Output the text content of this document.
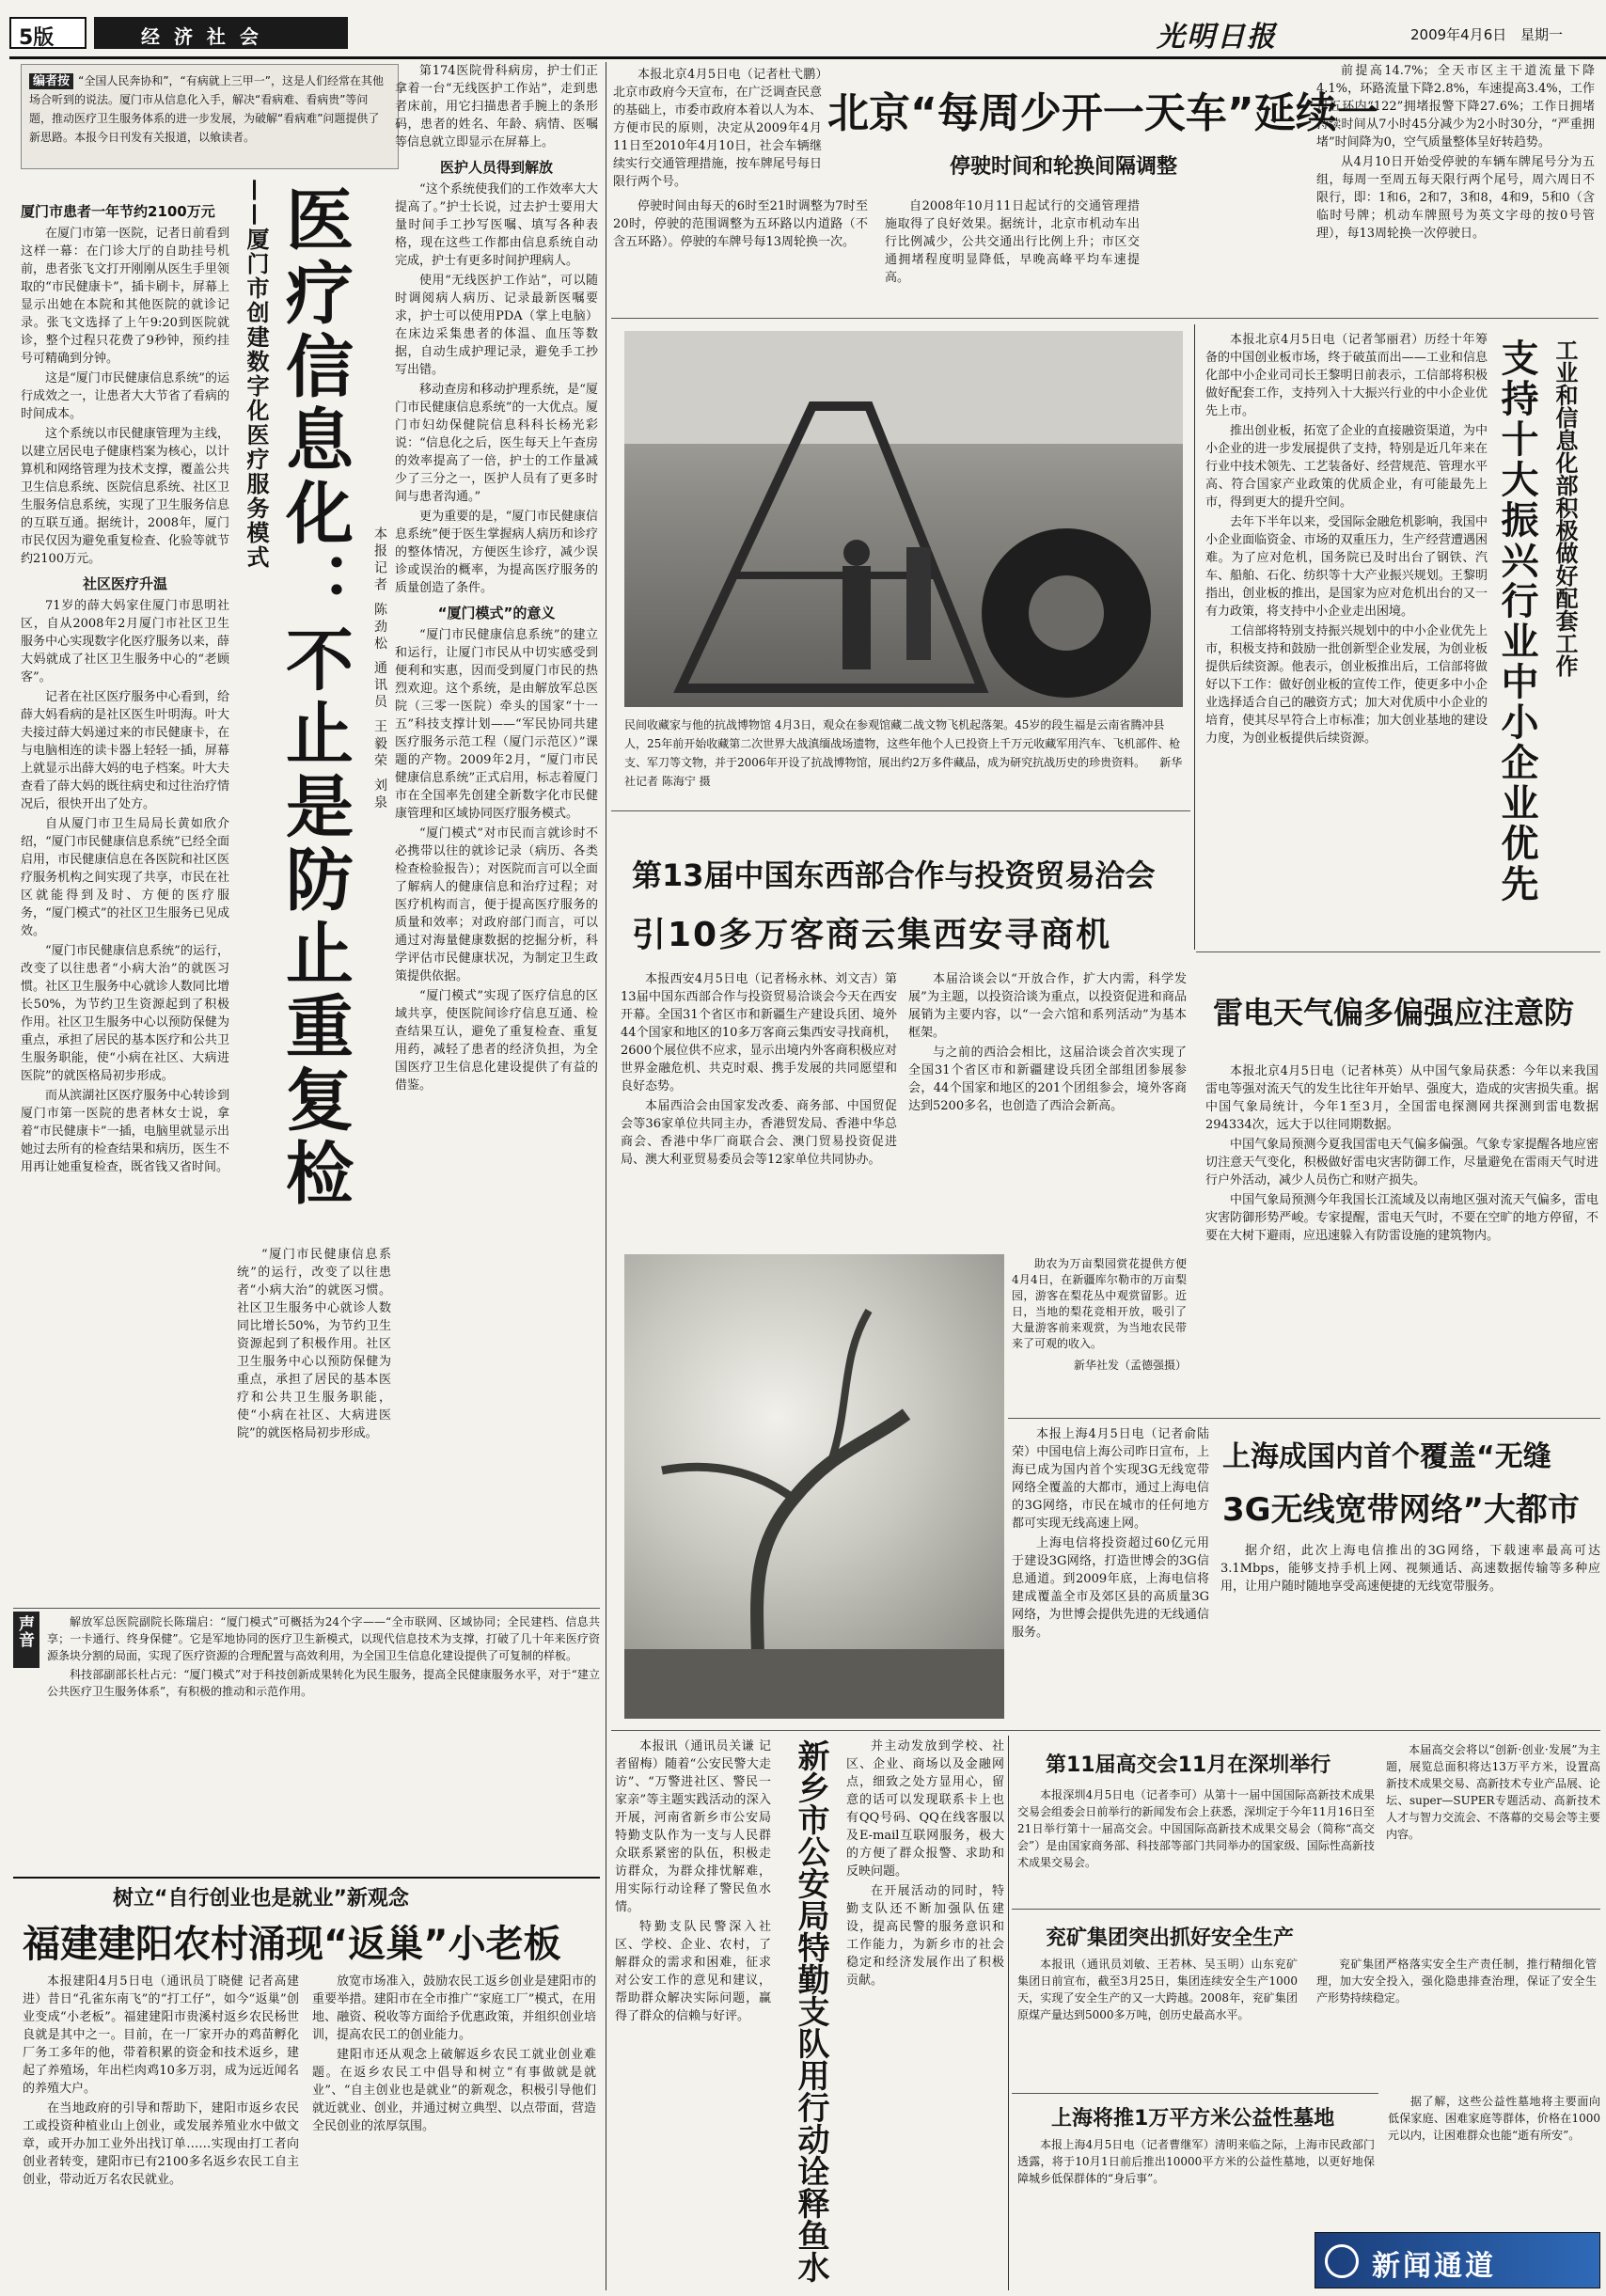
5版	经 济 社 会	光明日报	2009年4月6日 星期一
编者按 “全国人民奔协和”，“有病就上三甲一”，这是人们经常在其他场合听到的说法。厦门市从信息化入手，解决“看病难、看病贵”等问题，推动医疗卫生服务体系的进一步发展，为破解“看病难”问题提供了新思路。本报今日刊发有关报道，以飨读者。
厦门市患者一年节约2100万元

在厦门市第一医院，记者日前看到这样一幕：在门诊大厅的自助挂号机前，患者张飞文打开刚刚从医生手里领取的“市民健康卡”，插卡刷卡，屏幕上显示出她在本院和其他医院的就诊记录。张飞文选择了上午9:20到医院就诊，整个过程只花费了9秒钟，预约挂号可精确到分钟。

这是“厦门市民健康信息系统”的运行成效之一，让患者大大节省了看病的时间成本。

这个系统以市民健康管理为主线，以建立居民电子健康档案为核心，以计算机和网络管理为技术支撑，覆盖公共卫生信息系统、医院信息系统、社区卫生服务信息系统，实现了卫生服务信息的互联互通。据统计，2008年，厦门市民仅因为避免重复检查、化验等就节约2100万元。

社区医疗升温

71岁的薛大妈家住厦门市思明社区，自从2008年2月厦门市社区卫生服务中心实现数字化医疗服务以来，薛大妈就成了社区卫生服务中心的“老顾客”。

记者在社区医疗服务中心看到，给薛大妈看病的是社区医生叶明海。叶大夫接过薛大妈递过来的市民健康卡，在与电脑相连的读卡器上轻轻一插，屏幕上就显示出薛大妈的电子档案。叶大夫查看了薛大妈的既往病史和过往治疗情况后，很快开出了处方。

自从厦门市卫生局局长黄如欣介绍，“厦门市民健康信息系统”已经全面启用，市民健康信息在各医院和社区医疗服务机构之间实现了共享，市民在社区就能得到及时、方便的医疗服务，“厦门模式”的社区卫生服务已见成效。

“厦门市民健康信息系统”的运行，改变了以往患者“小病大治”的就医习惯。社区卫生服务中心就诊人数同比增长50%，为节约卫生资源起到了积极作用。社区卫生服务中心以预防保健为重点，承担了居民的基本医疗和公共卫生服务职能，使“小病在社区、大病进医院”的就医格局初步形成。

而从滨湖社区医疗服务中心转诊到厦门市第一医院的患者林女士说，拿着“市民健康卡”一插，电脑里就显示出她过去所有的检查结果和病历，医生不用再让她重复检查，既省钱又省时间。

——厦门市创建数字化医疗服务模式 医疗信息化：不止是防止重复检
本报记者 陈劲松 通讯员 王毅荣 刘泉

第174医院骨科病房，护士们正拿着一台“无线医护工作站”，走到患者床前，用它扫描患者手腕上的条形码，患者的姓名、年龄、病情、医嘱等信息就立即显示在屏幕上。

医护人员得到解放

“这个系统使我们的工作效率大大提高了。”护士长说，过去护士要用大量时间手工抄写医嘱、填写各种表格，现在这些工作都由信息系统自动完成，护士有更多时间护理病人。

使用“无线医护工作站”，可以随时调阅病人病历、记录最新医嘱要求，护士可以使用PDA（掌上电脑）在床边采集患者的体温、血压等数据，自动生成护理记录，避免手工抄写出错。

移动查房和移动护理系统，是“厦门市民健康信息系统”的一大优点。厦门市妇幼保健院信息科科长杨光彩说：“信息化之后，医生每天上午查房的效率提高了一倍，护士的工作量减少了三分之一，医护人员有了更多时间与患者沟通。”

更为重要的是，“厦门市民健康信息系统”便于医生掌握病人病历和诊疗的整体情况，方便医生诊疗，减少误诊或误治的概率，为提高医疗服务的质量创造了条件。

“厦门模式”的意义

“厦门市民健康信息系统”的建立和运行，让厦门市民从中切实感受到便利和实惠，因而受到厦门市民的热烈欢迎。这个系统，是由解放军总医院（三零一医院）牵头的国家“十一五”科技支撑计划——“军民协同共建医疗服务示范工程（厦门示范区）”课题的产物。2009年2月，“厦门市民健康信息系统”正式启用，标志着厦门市在全国率先创建全新数字化市民健康管理和区域协同医疗服务模式。

“厦门模式”对市民而言就诊时不必携带以往的就诊记录（病历、各类检查检验报告）；对医院而言可以全面了解病人的健康信息和治疗过程；对医疗机构而言，便于提高医疗服务的质量和效率；对政府部门而言，可以通过对海量健康数据的挖掘分析，科学评估市民健康状况，为制定卫生政策提供依据。

“厦门模式”实现了医疗信息的区域共享，使医院间诊疗信息互通、检查结果互认，避免了重复检查、重复用药，减轻了患者的经济负担，为全国医疗卫生信息化建设提供了有益的借鉴。

“厦门市民健康信息系统”的运行，改变了以往患者“小病大治”的就医习惯。社区卫生服务中心就诊人数同比增长50%，为节约卫生资源起到了积极作用。社区卫生服务中心以预防保健为重点，承担了居民的基本医疗和公共卫生服务职能，使“小病在社区、大病进医院”的就医格局初步形成。

声音	解放军总医院副院长陈瑞启：“厦门模式”可概括为24个字——“全市联网、区域协同；全民建档、信息共享；一卡通行、终身保健”。它是军地协同的医疗卫生新模式，以现代信息技术为支撑，打破了几十年来医疗资源条块分割的局面，实现了医疗资源的合理配置与高效利用，为全国卫生信息化建设提供了可复制的样板。

科技部副部长杜占元：“厦门模式”对于科技创新成果转化为民生服务，提高全民健康服务水平，对于“建立公共医疗卫生服务体系”，有积极的推动和示范作用。

树立“自行创业也是就业”新观念
福建建阳农村涌现“返巢”小老板

本报建阳4月5日电（通讯员丁晓健 记者高建进）昔日“孔雀东南飞”的“打工仔”，如今“返巢”创业变成“小老板”。福建建阳市贵溪村返乡农民杨世良就是其中之一。目前，在一厂家开办的鸡苗孵化厂务工多年的他，带着积累的资金和技术返乡，建起了养殖场，年出栏肉鸡10多万羽，成为远近闻名的养殖大户。

在当地政府的引导和帮助下，建阳市返乡农民工或投资种植业山上创业，或发展养殖业水中做文章，或开办加工业外出找订单……实现由打工者向创业者转变，建阳市已有2100多名返乡农民工自主创业，带动近万名农民就业。

放宽市场准入，鼓励农民工返乡创业是建阳市的重要举措。建阳市在全市推广“家庭工厂”模式，在用地、融资、税收等方面给予优惠政策，并组织创业培训，提高农民工的创业能力。

建阳市还从观念上破解返乡农民工就业创业难题。在返乡农民工中倡导和树立“有事做就是就业”、“自主创业也是就业”的新观念，积极引导他们就近就业、创业，并通过树立典型、以点带面，营造全民创业的浓厚氛围。

本报北京4月5日电（记者杜弋鹏）北京市政府今天宣布，在广泛调查民意的基础上，市委市政府本着以人为本、方便市民的原则，决定从2009年4月11日至2010年4月10日，社会车辆继续实行交通管理措施，按车牌尾号每日限行两个号。

北京“每周少开一天车”延续一
停驶时间和轮换间隔调整

停驶时间由每天的6时至21时调整为7时至20时，停驶的范围调整为五环路以内道路（不含五环路）。停驶的车牌号每13周轮换一次。

自2008年10月11日起试行的交通管理措施取得了良好效果。据统计，北京市机动车出行比例减少，公共交通出行比例上升；市区交通拥堵程度明显降低，早晚高峰平均车速提高。

前提高14.7%；全天市区主干道流量下降4.1%，环路流量下降2.8%，车速提高3.4%，工作日五环内“122”拥堵报警下降27.6%；工作日拥堵持续时间从7小时45分减少为2小时30分，“严重拥堵”时间降为0，空气质量整体呈好转趋势。

从4月10日开始受停驶的车辆车牌尾号分为五组，每周一至周五每天限行两个尾号，周六周日不限行，即：1和6，2和7，3和8，4和9，5和0（含临时号牌；机动车牌照号为英文字母的按0号管理），每13周轮换一次停驶日。

民间收藏家与他的抗战博物馆 4月3日，观众在参观馆藏二战文物飞机起落架。45岁的段生福是云南省腾冲县人，25年前开始收藏第二次世界大战滇缅战场遗物，这些年他个人已投资上千万元收藏军用汽车、飞机部件、枪支、军刀等文物，并于2006年开设了抗战博物馆，展出约2万多件藏品，成为研究抗战历史的珍贵资料。 新华社记者 陈海宁 摄

本报北京4月5日电（记者邹丽君）历经十年筹备的中国创业板市场，终于破茧而出——工业和信息化部中小企业司司长王黎明日前表示，工信部将积极做好配套工作，支持列入十大振兴行业的中小企业优先上市。

推出创业板，拓宽了企业的直接融资渠道，为中小企业的进一步发展提供了支持，特别是近几年来在行业中技术领先、工艺装备好、经营规范、管理水平高、符合国家产业政策的优质企业，有可能最先上市，得到更大的提升空间。

去年下半年以来，受国际金融危机影响，我国中小企业面临资金、市场的双重压力，生产经营遭遇困难。为了应对危机，国务院已及时出台了钢铁、汽车、船舶、石化、纺织等十大产业振兴规划。王黎明指出，创业板的推出，是国家为应对危机出台的又一有力政策，将支持中小企业走出困境。

工信部将特别支持振兴规划中的中小企业优先上市，积极支持和鼓励一批创新型企业发展，为创业板提供后续资源。他表示，创业板推出后，工信部将做好以下工作：做好创业板的宣传工作，使更多中小企业选择适合自己的融资方式；加大对优质中小企业的培育，使其尽早符合上市标准；加大创业基地的建设力度，为创业板提供后续资源。

工业和信息化部积极做好配套工作
支持十大振兴行业中小企业优先
第13届中国东西部合作与投资贸易洽会
引10多万客商云集西安寻商机

本报西安4月5日电（记者杨永林、刘文吉）第13届中国东西部合作与投资贸易洽谈会今天在西安开幕。全国31个省区市和新疆生产建设兵团、境外44个国家和地区的10多万客商云集西安寻找商机，2600个展位供不应求，显示出境内外客商积极应对世界金融危机、共克时艰、携手发展的共同愿望和良好态势。

本届西洽会由国家发改委、商务部、中国贸促会等36家单位共同主办，香港贸发局、香港中华总商会、香港中华厂商联合会、澳门贸易投资促进局、澳大利亚贸易委员会等12家单位共同协办。

本届洽谈会以“开放合作，扩大内需，科学发展”为主题，以投资洽谈为重点，以投资促进和商品展销为主要内容，以“一会六馆和系列活动”为基本框架。

与之前的西洽会相比，这届洽谈会首次实现了全国31个省区市和新疆建设兵团全部组团参展参会，44个国家和地区的201个团组参会，境外客商达到5200多名，也创造了西洽会新高。

助农为万亩梨园赏花提供方便 4月4日，在新疆库尔勒市的万亩梨园，游客在梨花丛中观赏留影。近日，当地的梨花竞相开放，吸引了大量游客前来观赏，为当地农民带来了可观的收入。

新华社发（孟德强摄）

雷电天气偏多偏强应注意防

本报北京4月5日电（记者林英）从中国气象局获悉：今年以来我国雷电等强对流天气的发生比往年开始早、强度大，造成的灾害损失重。据中国气象局统计，今年1至3月，全国雷电探测网共探测到雷电数据294334次，远大于以往同期数据。

中国气象局预测今夏我国雷电天气偏多偏强。气象专家提醒各地应密切注意天气变化，积极做好雷电灾害防御工作，尽量避免在雷雨天气时进行户外活动，减少人员伤亡和财产损失。

中国气象局预测今年我国长江流域及以南地区强对流天气偏多，雷电灾害防御形势严峻。专家提醒，雷电天气时，不要在空旷的地方停留，不要在大树下避雨，应迅速躲入有防雷设施的建筑物内。

本报上海4月5日电（记者俞陆荣）中国电信上海公司昨日宣布，上海已成为国内首个实现3G无线宽带网络全覆盖的大都市，通过上海电信的3G网络，市民在城市的任何地方都可实现无线高速上网。

上海电信将投资超过60亿元用于建设3G网络，打造世博会的3G信息通道。到2009年底，上海电信将建成覆盖全市及郊区县的高质量3G网络，为世博会提供先进的无线通信服务。

上海成国内首个覆盖“无缝
3G无线宽带网络”大都市

据介绍，此次上海电信推出的3G网络，下载速率最高可达3.1Mbps，能够支持手机上网、视频通话、高速数据传输等多种应用，让用户随时随地享受高速便捷的无线宽带服务。

本报讯（通讯员关谦 记者留梅）随着“公安民警大走访”、“万警进社区、警民一家亲”等主题实践活动的深入开展，河南省新乡市公安局特勤支队作为一支与人民群众联系紧密的队伍，积极走访群众，为群众排忧解难，用实际行动诠释了警民鱼水情。

特勤支队民警深入社区、学校、企业、农村，了解群众的需求和困难，征求对公安工作的意见和建议，帮助群众解决实际问题，赢得了群众的信赖与好评。

新乡市公安局特勤支队用行动诠释鱼水

并主动发放到学校、社区、企业、商场以及金融网点，细致之处方显用心，留意的话可以发现联系卡上也有QQ号码、QQ在线客服以及E-mail互联网服务，极大的方便了群众报警、求助和反映问题。

在开展活动的同时，特勤支队还不断加强队伍建设，提高民警的服务意识和工作能力，为新乡市的社会稳定和经济发展作出了积极贡献。

第11届高交会11月在深圳举行

本报深圳4月5日电（记者李可）从第十一届中国国际高新技术成果交易会组委会日前举行的新闻发布会上获悉，深圳定于今年11月16日至21日举行第十一届高交会。中国国际高新技术成果交易会（简称“高交会”）是由国家商务部、科技部等部门共同举办的国家级、国际性高新技术成果交易会。

本届高交会将以“创新·创业·发展”为主题，展览总面积将达13万平方米，设置高新技术成果交易、高新技术专业产品展、论坛、super—SUPER专题活动、高新技术人才与智力交流会、不落幕的交易会等主要内容。

兖矿集团突出抓好安全生产

本报讯（通讯员刘敏、王若林、吴玉明）山东兖矿集团日前宣布，截至3月25日，集团连续安全生产1000天，实现了安全生产的又一大跨越。2008年，兖矿集团原煤产量达到5000多万吨，创历史最高水平。

兖矿集团严格落实安全生产责任制，推行精细化管理，加大安全投入，强化隐患排查治理，保证了安全生产形势持续稳定。

上海将推1万平方米公益性墓地

本报上海4月5日电（记者曹继军）清明来临之际，上海市民政部门透露，将于10月1日前后推出10000平方米的公益性墓地，以更好地保障城乡低保群体的“身后事”。

据了解，这些公益性墓地将主要面向低保家庭、困难家庭等群体，价格在1000元以内，让困难群众也能“逝有所安”。

新闻通道
